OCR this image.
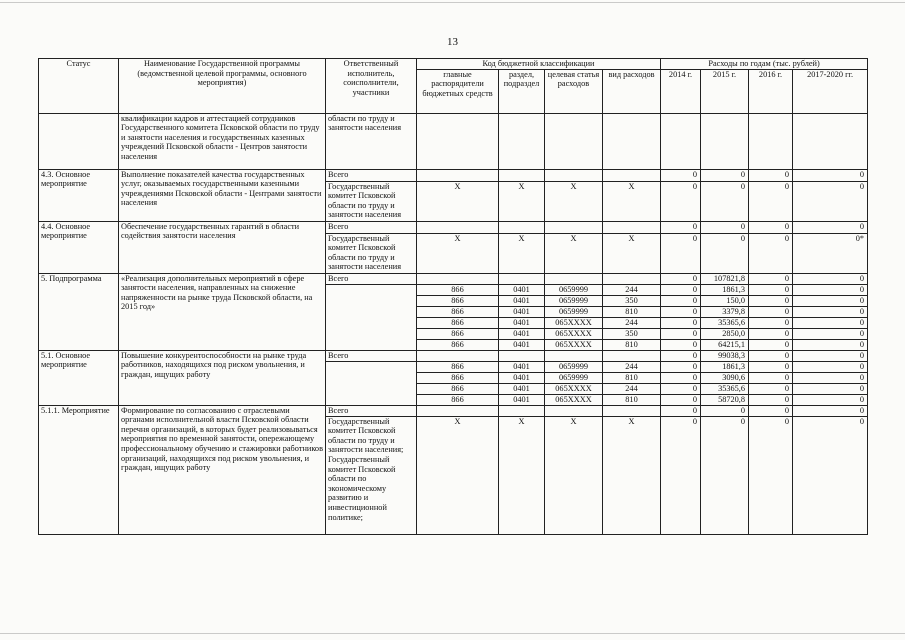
13
Статус	Наименование Государственной программы (ведомственной целевой программы, основного мероприятия)	Ответственный исполнитель, соисполнители, участники	Код бюджетной классификации				Расходы по годам (тыс. рублей)			
			главные распорядители бюджетных средств	раздел, подраздел	целевая статья расходов	вид расходов	2014 г.	2015 г.	2016 г.	2017-2020 гг.
	квалификации кадров и аттестацией сотрудников Государственного комитета Псковской области по труду и занятости населения и государственных казенных учреждений Псковской области - Центров занятости населения	области по труду и занятости населения								
4.3. Основное мероприятие	Выполнение показателей качества государственных услуг, оказываемых государственными казенными учреждениями Псковской области - Центрами занятости населения	Всего					0	0	0	0
		Государственный комитет Псковской области по труду и занятости населения	X	X	X	X	0	0	0	0
4.4. Основное мероприятие	Обеспечение государственных гарантий в области содействия занятости населения	Всего					0	0	0	0
		Государственный комитет Псковской области по труду и занятости населения	X	X	X	X	0	0	0	0*
5. Подпрограмма	«Реализация дополнительных мероприятий в сфере занятости населения, направленных на снижение напряженности на рынке труда Псковской области, на 2015 год»	Всего					0	107821,8	0	0
			866	0401	0659999	244	0	1861,3	0	0
			866	0401	0659999	350	0	150,0	0	0
			866	0401	0659999	810	0	3379,8	0	0
			866	0401	065XXXX	244	0	35365,6	0	0
			866	0401	065XXXX	350	0	2850,0	0	0
			866	0401	065XXXX	810	0	64215,1	0	0
5.1. Основное мероприятие	Повышение конкурентоспособности на рынке труда работников, находящихся под риском увольнения, и граждан, ищущих работу	Всего					0	99038,3	0	0
			866	0401	0659999	244	0	1861,3	0	0
			866	0401	0659999	810	0	3090,6	0	0
			866	0401	065XXXX	244	0	35365,6	0	0
			866	0401	065XXXX	810	0	58720,8	0	0
5.1.1. Мероприятие	Формирование по согласованию с отраслевыми органами исполнительной власти Псковской области перечня организаций, в которых будет реализовываться мероприятия по временной занятости, опережающему профессиональному обучению и стажировки работников организаций, находящихся под риском увольнения, и граждан, ищущих работу	Всего					0	0	0	0
		Государственный комитет Псковской области по труду и занятости населения; Государственный комитет Псковской области по экономическому развитию и инвестиционной политике;	X	X	X	X	0	0	0	0
